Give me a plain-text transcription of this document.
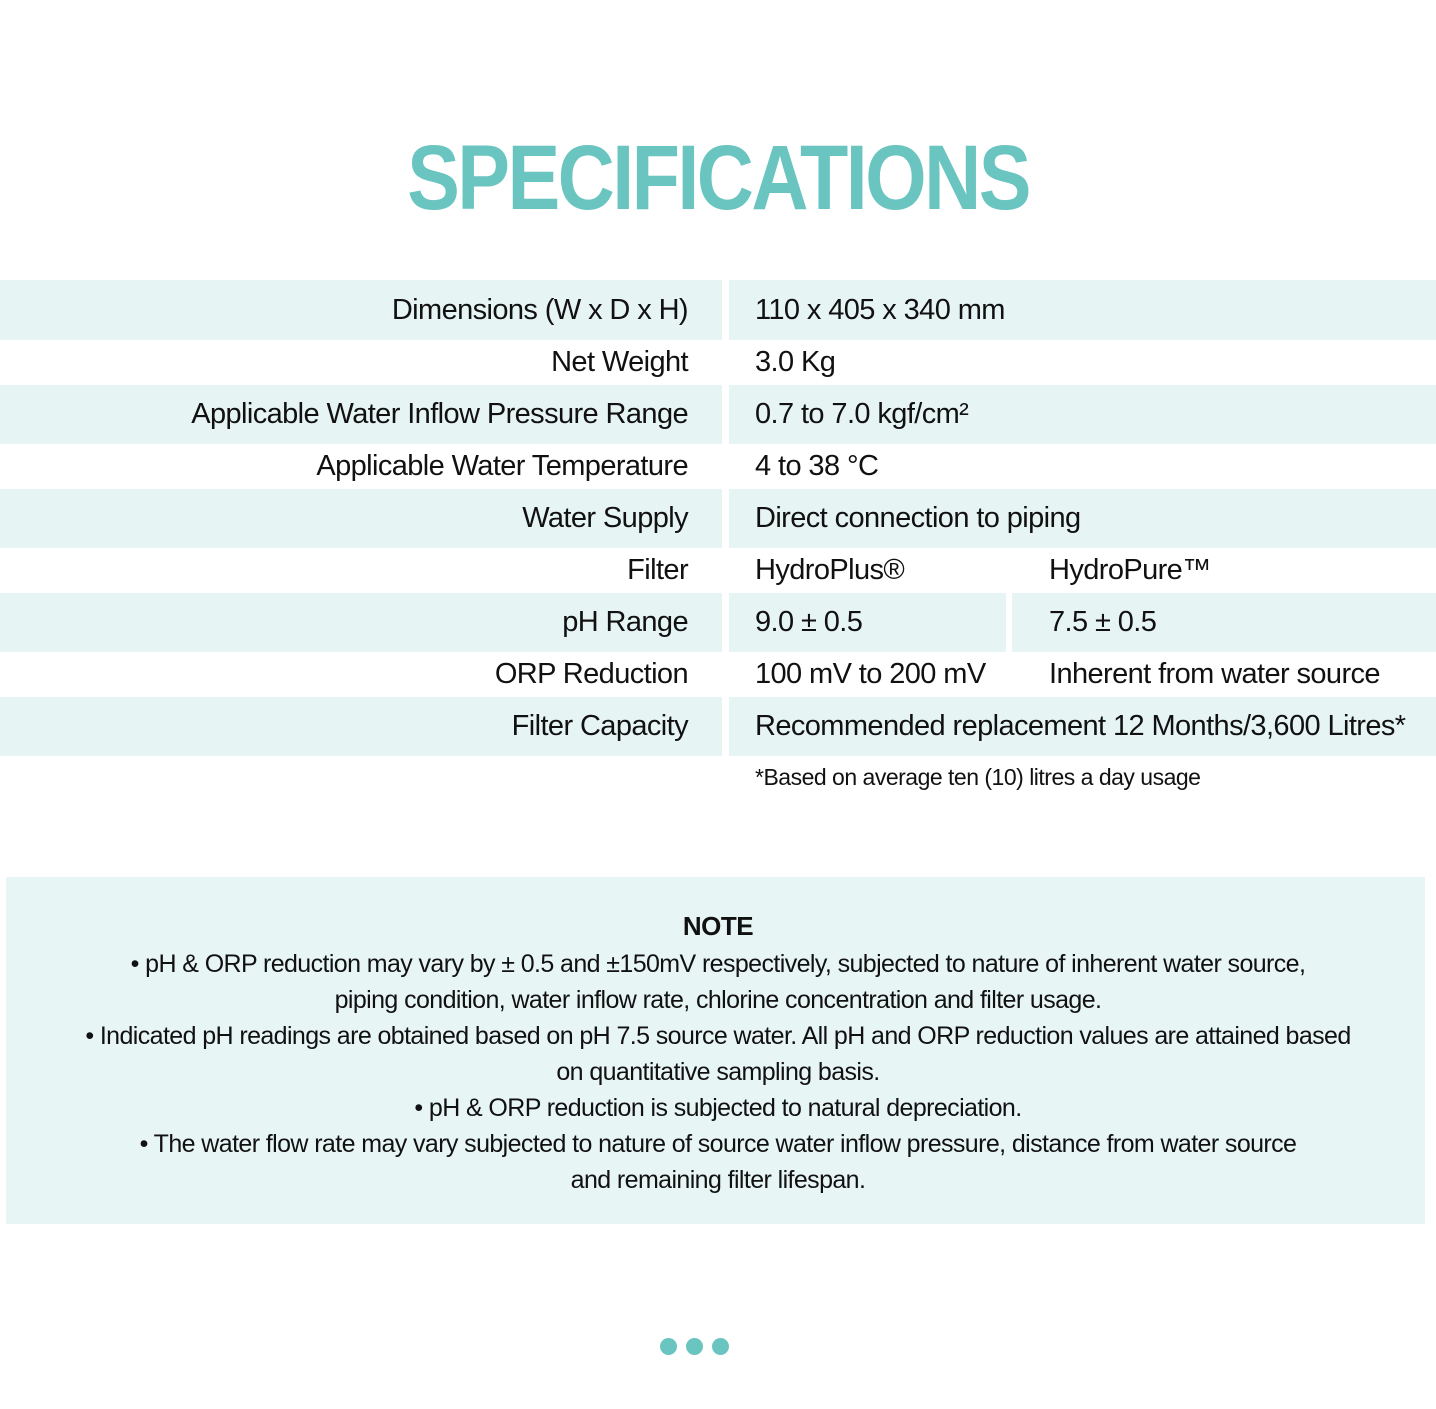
SPECIFICATIONS
Dimensions (W x D x H) 110 x 405 x 340 mm
Net Weight 3.0 Kg
Applicable Water Inflow Pressure Range 0.7 to 7.0 kgf/cm²
Applicable Water Temperature 4 to 38 °C
Water Supply Direct connection to piping
Filter HydroPlus®	HydroPure™
pH Range 9.0 ± 0.5	7.5 ± 0.5
ORP Reduction 100 mV to 200 mV Inherent from water source
Filter Capacity Recommended replacement 12 Months/3,600 Litres*
*Based on average ten (10) litres a day usage
NOTE
• pH & ORP reduction may vary by ± 0.5 and ±150mV respectively, subjected to nature of inherent water source,
piping condition, water inflow rate, chlorine concentration and filter usage.
• Indicated pH readings are obtained based on pH 7.5 source water. All pH and ORP reduction values are attained based
on quantitative sampling basis.
• pH & ORP reduction is subjected to natural depreciation.
• The water flow rate may vary subjected to nature of source water inflow pressure, distance from water source
and remaining filter lifespan.
